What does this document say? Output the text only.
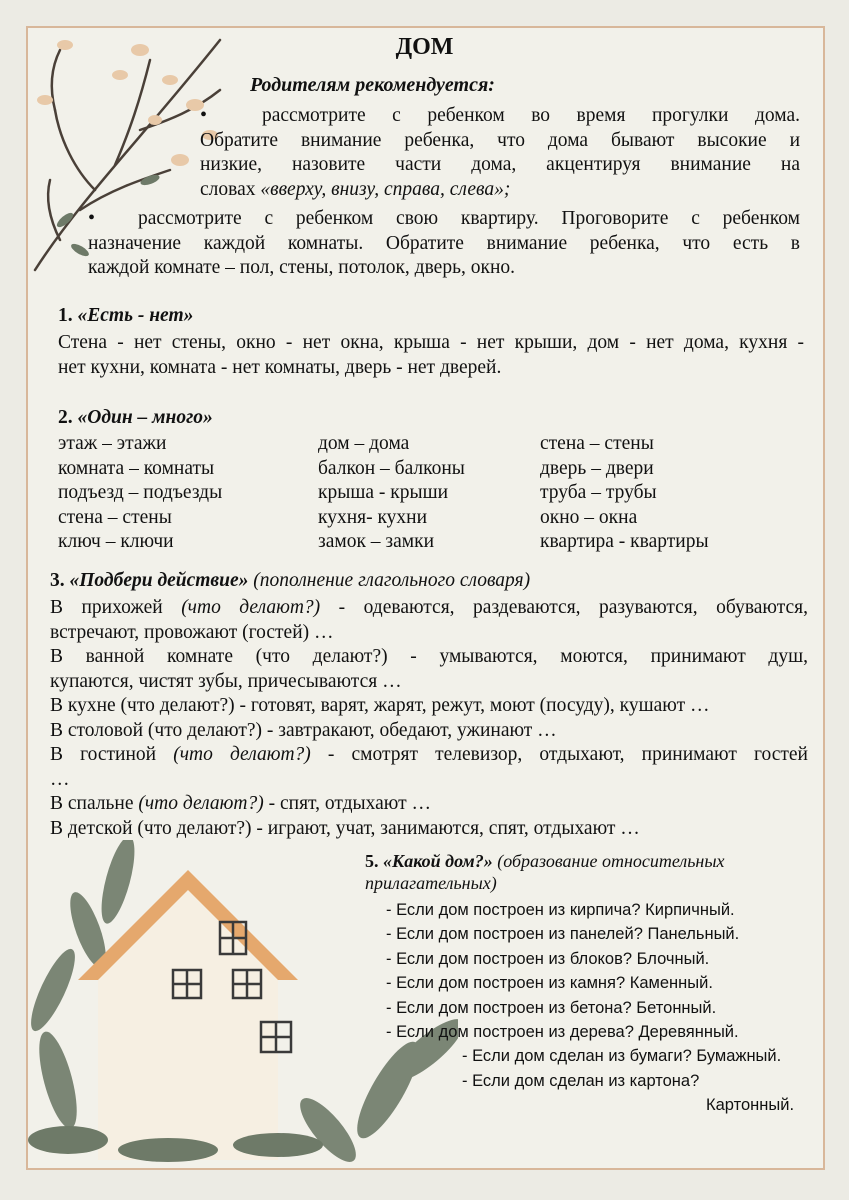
ДОМ
Родителям рекомендуется:
•	рассмотрите с ребенком во время прогулки дома.
Обратите внимание ребенка, что дома бывают высокие и
низкие, назовите части дома, акцентируя внимание на
словах «вверху, внизу, справа, слева»;
•	рассмотрите с ребенком свою квартиру. Проговорите с ребенком
назначение каждой комнаты. Обратите внимание ребенка, что есть в
каждой комнате – пол, стены, потолок, дверь, окно.
1. «Есть - нет»
Стена - нет стены, окно - нет окна, крыша - нет крыши, дом - нет дома, кухня -
нет кухни, комната - нет комнаты, дверь - нет дверей.
2. «Один – много»
этаж – этажи
комната – комнаты
подъезд – подъезды
стена – стены
ключ – ключи
дом – дома
балкон – балконы
крыша - крыши
кухня- кухни
замок – замки
стена – стены
дверь – двери
труба – трубы
окно – окна
квартира - квартиры
3. «Подбери действие» (пополнение глагольного словаря)
В прихожей (что делают?) - одеваются, раздеваются, разуваются, обуваются,
встречают, провожают (гостей) …
В ванной комнате (что делают?) - умываются, моются, принимают душ,
купаются, чистят зубы, причесываются …
В кухне (что делают?) - готовят, варят, жарят, режут, моют (посуду), кушают …
В столовой (что делают?) - завтракают, обедают, ужинают …
В гостиной (что делают?) - смотрят телевизор, отдыхают, принимают гостей
…
В спальне (что делают?) - спят, отдыхают …
В детской (что делают?) - играют, учат, занимаются, спят, отдыхают …
5. «Какой дом?» (образование относительных
прилагательных)
- Если дом построен из кирпича? Кирпичный.
- Если дом построен из панелей? Панельный.
- Если дом построен из блоков? Блочный.
- Если дом построен из камня? Каменный.
- Если дом построен из бетона? Бетонный.
- Если дом построен из дерева? Деревянный.
- Если дом сделан из бумаги? Бумажный.
- Если дом сделан из картона?
Картонный.
